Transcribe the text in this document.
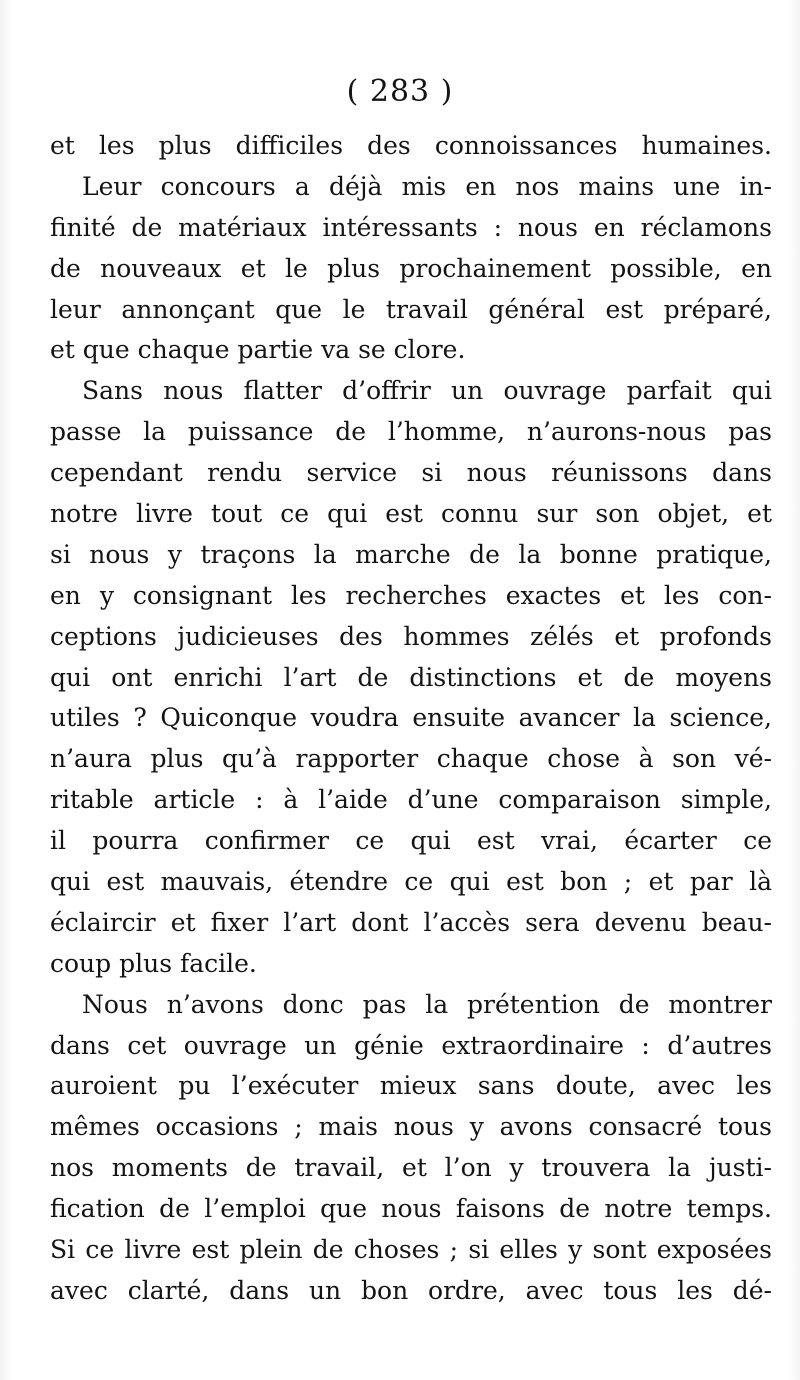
( 283 )
et les plus difficiles des connoissances humaines.
Leur concours a déjà mis en nos mains une in-
finité de matériaux intéressants : nous en réclamons
de nouveaux et le plus prochainement possible, en
leur annonçant que le travail général est préparé,
et que chaque partie va se clore.
Sans nous flatter d’offrir un ouvrage parfait qui
passe la puissance de l’homme, n’aurons-nous pas
cependant rendu service si nous réunissons dans
notre livre tout ce qui est connu sur son objet, et
si nous y traçons la marche de la bonne pratique,
en y consignant les recherches exactes et les con-
ceptions judicieuses des hommes zélés et profonds
qui ont enrichi l’art de distinctions et de moyens
utiles ? Quiconque voudra ensuite avancer la science,
n’aura plus qu’à rapporter chaque chose à son vé-
ritable article : à l’aide d’une comparaison simple,
il pourra confirmer ce qui est vrai, écarter ce
qui est mauvais, étendre ce qui est bon ; et par là
éclaircir et fixer l’art dont l’accès sera devenu beau-
coup plus facile.
Nous n’avons donc pas la prétention de montrer
dans cet ouvrage un génie extraordinaire : d’autres
auroient pu l’exécuter mieux sans doute, avec les
mêmes occasions ; mais nous y avons consacré tous
nos moments de travail, et l’on y trouvera la justi-
fication de l’emploi que nous faisons de notre temps.
Si ce livre est plein de choses ; si elles y sont exposées
avec clarté, dans un bon ordre, avec tous les dé-
